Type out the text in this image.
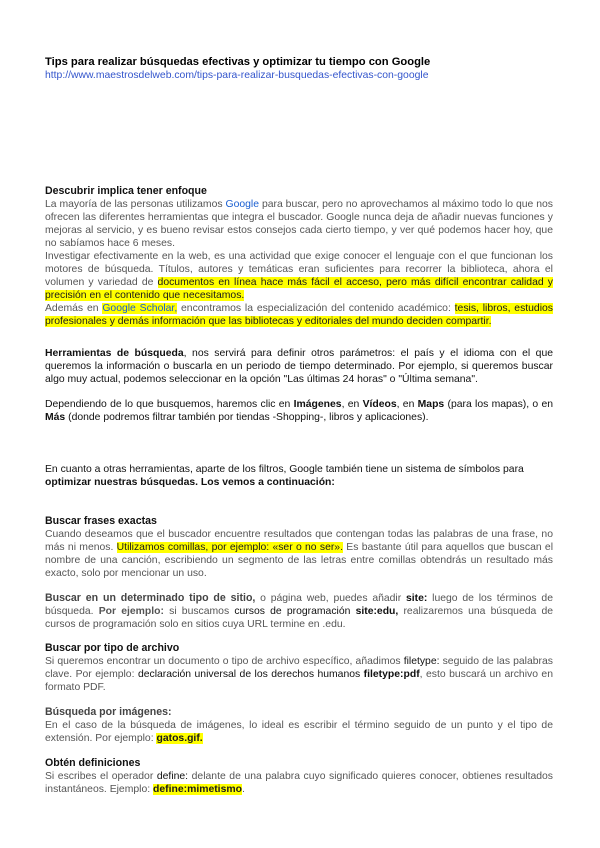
Tips para realizar búsquedas efectivas y optimizar tu tiempo con Google

http://www.maestrosdelweb.com/tips-para-realizar-busquedas-efectivas-con-google

Descubrir implica tener enfoque

La mayoría de las personas utilizamos Google para buscar, pero no aprovechamos al máximo todo lo que nos ofrecen las diferentes herramientas que integra el buscador. Google nunca deja de añadir nuevas funciones y mejoras al servicio, y es bueno revisar estos consejos cada cierto tiempo, y ver qué podemos hacer hoy, que no sabíamos hace 6 meses.

Investigar efectivamente en la web, es una actividad que exige conocer el lenguaje con el que funcionan los motores de búsqueda. Títulos, autores y temáticas eran suficientes para recorrer la biblioteca, ahora el volumen y variedad de documentos en línea hace más fácil el acceso, pero más difícil encontrar calidad y precisión en el contenido que necesitamos.

Además en Google Scholar, encontramos la especialización del contenido académico: tesis, libros, estudios profesionales y demás información que las bibliotecas y editoriales del mundo deciden compartir.

Herramientas de búsqueda, nos servirá para definir otros parámetros: el país y el idioma con el que queremos la información o buscarla en un periodo de tiempo determinado. Por ejemplo, si queremos buscar algo muy actual, podemos seleccionar en la opción "Las últimas 24 horas" o "Última semana".

Dependiendo de lo que busquemos, haremos clic en Imágenes, en Vídeos, en Maps (para los mapas), o en Más (donde podremos filtrar también por tiendas -Shopping-, libros y aplicaciones).

En cuanto a otras herramientas, aparte de los filtros, Google también tiene un sistema de símbolos para

optimizar nuestras búsquedas. Los vemos a continuación:

Buscar frases exactas

Cuando deseamos que el buscador encuentre resultados que contengan todas las palabras de una frase, no más ni menos. Utilizamos comillas, por ejemplo: «ser o no ser». Es bastante útil para aquellos que buscan el nombre de una canción, escribiendo un segmento de las letras entre comillas obtendrás un resultado más exacto, solo por mencionar un uso.

Buscar en un determinado tipo de sitio, o página web, puedes añadir site: luego de los términos de búsqueda. Por ejemplo: si buscamos cursos de programación site:edu, realizaremos una búsqueda de cursos de programación solo en sitios cuya URL termine en .edu.

Buscar por tipo de archivo

Si queremos encontrar un documento o tipo de archivo específico, añadimos filetype: seguido de las palabras clave. Por ejemplo: declaración universal de los derechos humanos filetype:pdf, esto buscará un archivo en formato PDF.

Búsqueda por imágenes:

En el caso de la búsqueda de imágenes, lo ideal es escribir el término seguido de un punto y el tipo de extensión. Por ejemplo: gatos.gif.

Obtén definiciones

Si escribes el operador define: delante de una palabra cuyo significado quieres conocer, obtienes resultados instantáneos. Ejemplo: define:mimetismo.
